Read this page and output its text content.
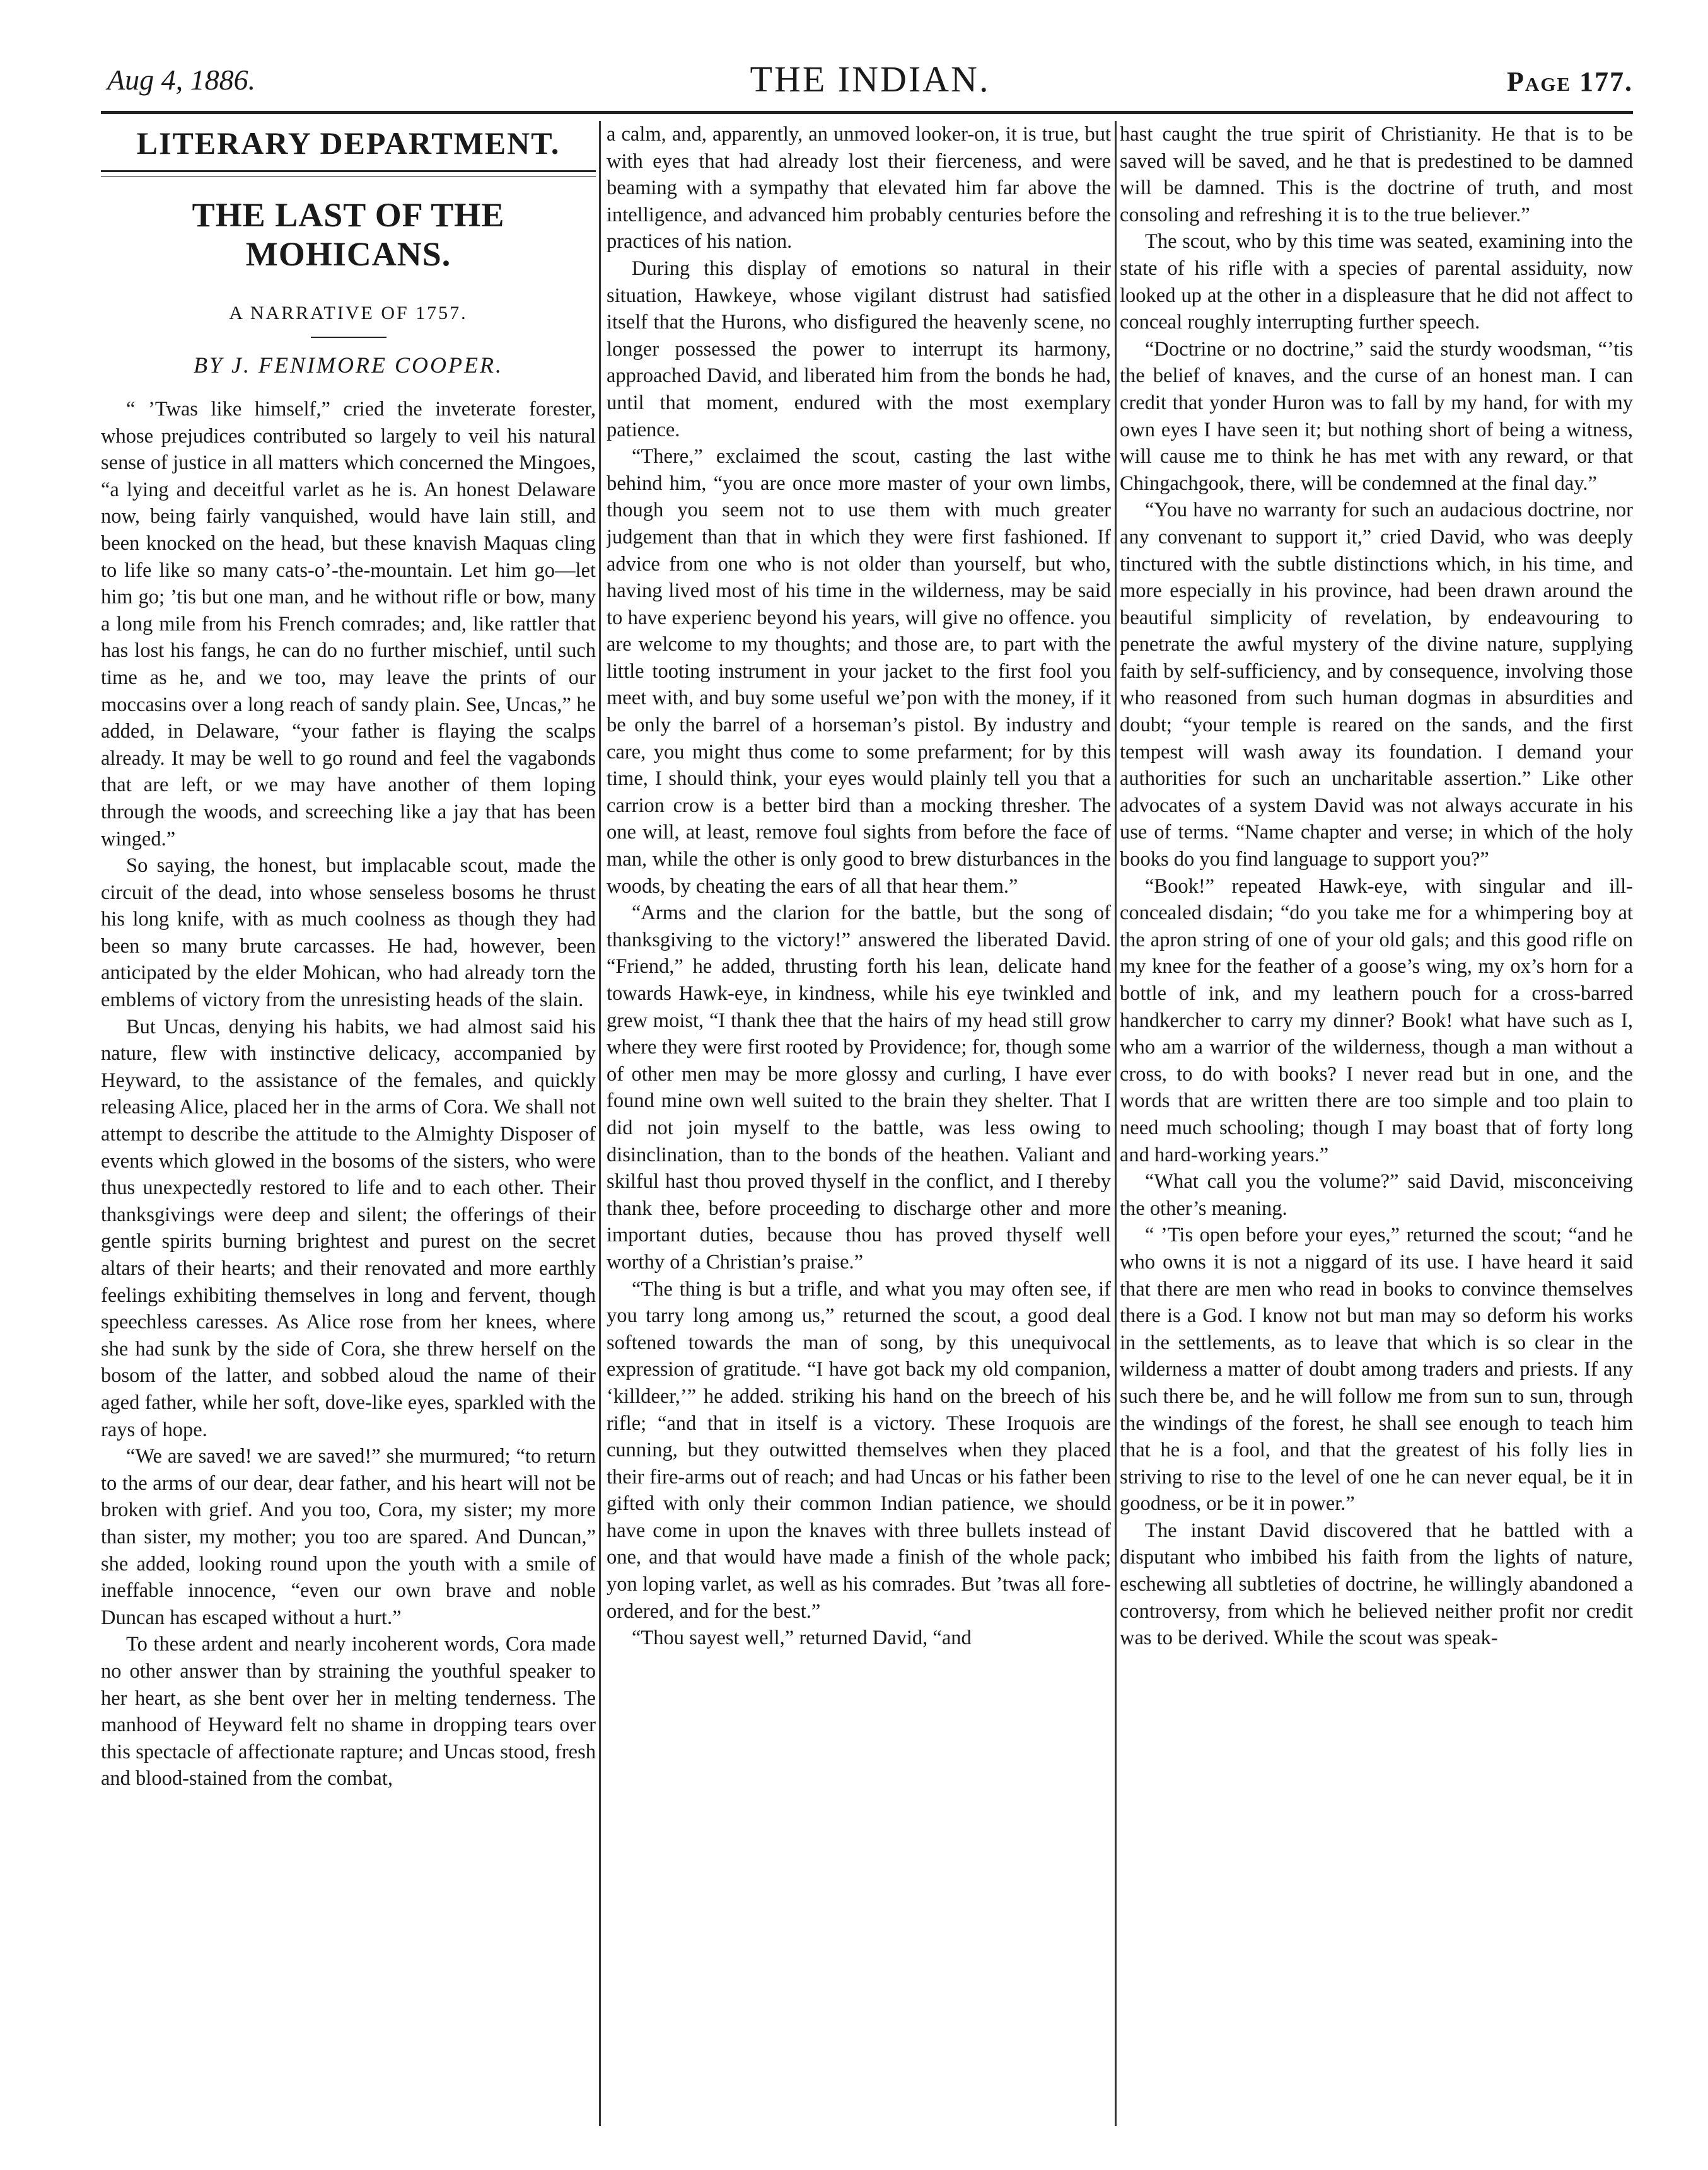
Aug 4, 1886.	THE INDIAN.	Page 177.
LITERARY DEPARTMENT.
THE LAST OF THE MOHICANS.
A NARRATIVE OF 1757.
BY J. FENIMORE COOPER.

“ ’Twas like himself,” cried the inveterate forester, whose prejudices contributed so largely to veil his natural sense of justice in all matters which concerned the Mingoes, “a lying and deceitful varlet as he is. An honest Delaware now, being fairly vanquished, would have lain still, and been knocked on the head, but these knavish Maquas cling to life like so many cats-o’-the-mountain. Let him go—let him go; ’tis but one man, and he without rifle or bow, many a long mile from his French comrades; and, like rattler that has lost his fangs, he can do no further mischief, until such time as he, and we too, may leave the prints of our moccasins over a long reach of sandy plain. See, Uncas,” he added, in Delaware, “your father is flaying the scalps already. It may be well to go round and feel the vagabonds that are left, or we may have another of them loping through the woods, and screeching like a jay that has been winged.”

So saying, the honest, but implacable scout, made the circuit of the dead, into whose senseless bosoms he thrust his long knife, with as much coolness as though they had been so many brute carcasses. He had, however, been anticipated by the elder Mohican, who had already torn the emblems of victory from the unresisting heads of the slain.

But Uncas, denying his habits, we had almost said his nature, flew with instinctive delicacy, accompanied by Heyward, to the assistance of the females, and quickly releasing Alice, placed her in the arms of Cora. We shall not attempt to describe the attitude to the Almighty Disposer of events which glowed in the bosoms of the sisters, who were thus unexpectedly restored to life and to each other. Their thanksgivings were deep and silent; the offerings of their gentle spirits burning brightest and purest on the secret altars of their hearts; and their renovated and more earthly feelings exhibiting themselves in long and fervent, though speechless caresses. As Alice rose from her knees, where she had sunk by the side of Cora, she threw herself on the bosom of the latter, and sobbed aloud the name of their aged father, while her soft, dove-like eyes, sparkled with the rays of hope.

“We are saved! we are saved!” she murmured; “to return to the arms of our dear, dear father, and his heart will not be broken with grief. And you too, Cora, my sister; my more than sister, my mother; you too are spared. And Duncan,” she added, looking round upon the youth with a smile of ineffable innocence, “even our own brave and noble Duncan has escaped without a hurt.”

To these ardent and nearly incoherent words, Cora made no other answer than by straining the youthful speaker to her heart, as she bent over her in melting tenderness. The manhood of Heyward felt no shame in dropping tears over this spectacle of affectionate rapture; and Uncas stood, fresh and blood-stained from the combat,

a calm, and, apparently, an unmoved looker-on, it is true, but with eyes that had already lost their fierceness, and were beaming with a sympathy that elevated him far above the intelligence, and advanced him probably centuries before the practices of his nation.

During this display of emotions so natural in their situation, Hawkeye, whose vigilant distrust had satisfied itself that the Hurons, who disfigured the heavenly scene, no longer possessed the power to interrupt its harmony, approached David, and liberated him from the bonds he had, until that moment, endured with the most exemplary patience.

“There,” exclaimed the scout, casting the last withe behind him, “you are once more master of your own limbs, though you seem not to use them with much greater judgement than that in which they were first fashioned. If advice from one who is not older than yourself, but who, having lived most of his time in the wilderness, may be said to have experienc beyond his years, will give no offence. you are welcome to my thoughts; and those are, to part with the little tooting instrument in your jacket to the first fool you meet with, and buy some useful we’pon with the money, if it be only the barrel of a horseman’s pistol. By industry and care, you might thus come to some prefarment; for by this time, I should think, your eyes would plainly tell you that a carrion crow is a better bird than a mocking thresher. The one will, at least, remove foul sights from before the face of man, while the other is only good to brew disturbances in the woods, by cheating the ears of all that hear them.”

“Arms and the clarion for the battle, but the song of thanksgiving to the victory!” answered the liberated David. “Friend,” he added, thrusting forth his lean, delicate hand towards Hawk-eye, in kindness, while his eye twinkled and grew moist, “I thank thee that the hairs of my head still grow where they were first rooted by Providence; for, though some of other men may be more glossy and curling, I have ever found mine own well suited to the brain they shelter. That I did not join myself to the battle, was less owing to disinclination, than to the bonds of the heathen. Valiant and skilful hast thou proved thyself in the conflict, and I thereby thank thee, before proceeding to discharge other and more important duties, because thou has proved thyself well worthy of a Christian’s praise.”

“The thing is but a trifle, and what you may often see, if you tarry long among us,” returned the scout, a good deal softened towards the man of song, by this unequivocal expression of gratitude. “I have got back my old companion, ‘killdeer,’” he added. striking his hand on the breech of his rifle; “and that in itself is a victory. These Iroquois are cunning, but they outwitted themselves when they placed their fire-arms out of reach; and had Uncas or his father been gifted with only their common Indian patience, we should have come in upon the knaves with three bullets instead of one, and that would have made a finish of the whole pack; yon loping varlet, as well as his comrades. But ’twas all fore-ordered, and for the best.”

“Thou sayest well,” returned David, “and

hast caught the true spirit of Christianity. He that is to be saved will be saved, and he that is predestined to be damned will be damned. This is the doctrine of truth, and most consoling and refreshing it is to the true believer.”

The scout, who by this time was seated, examining into the state of his rifle with a species of parental assiduity, now looked up at the other in a displeasure that he did not affect to conceal roughly interrupting further speech.

“Doctrine or no doctrine,” said the sturdy woodsman, “’tis the belief of knaves, and the curse of an honest man. I can credit that yonder Huron was to fall by my hand, for with my own eyes I have seen it; but nothing short of being a witness, will cause me to think he has met with any reward, or that Chingachgook, there, will be condemned at the final day.”

“You have no warranty for such an audacious doctrine, nor any convenant to support it,” cried David, who was deeply tinctured with the subtle distinctions which, in his time, and more especially in his province, had been drawn around the beautiful simplicity of revelation, by endeavouring to penetrate the awful mystery of the divine nature, supplying faith by self-sufficiency, and by consequence, involving those who reasoned from such human dogmas in absurdities and doubt; “your temple is reared on the sands, and the first tempest will wash away its foundation. I demand your authorities for such an uncharitable assertion.” Like other advocates of a system David was not always accurate in his use of terms. “Name chapter and verse; in which of the holy books do you find language to support you?”

“Book!” repeated Hawk-eye, with singular and ill-concealed disdain; “do you take me for a whimpering boy at the apron string of one of your old gals; and this good rifle on my knee for the feather of a goose’s wing, my ox’s horn for a bottle of ink, and my leathern pouch for a cross-barred handkercher to carry my dinner? Book! what have such as I, who am a warrior of the wilderness, though a man without a cross, to do with books? I never read but in one, and the words that are written there are too simple and too plain to need much schooling; though I may boast that of forty long and hard-working years.”

“What call you the volume?” said David, misconceiving the other’s meaning.

“ ’Tis open before your eyes,” returned the scout; “and he who owns it is not a niggard of its use. I have heard it said that there are men who read in books to convince themselves there is a God. I know not but man may so deform his works in the settlements, as to leave that which is so clear in the wilderness a matter of doubt among traders and priests. If any such there be, and he will follow me from sun to sun, through the windings of the forest, he shall see enough to teach him that he is a fool, and that the greatest of his folly lies in striving to rise to the level of one he can never equal, be it in goodness, or be it in power.”

The instant David discovered that he battled with a disputant who imbibed his faith from the lights of nature, eschewing all subtleties of doctrine, he willingly abandoned a controversy, from which he believed neither profit nor credit was to be derived. While the scout was speak-
